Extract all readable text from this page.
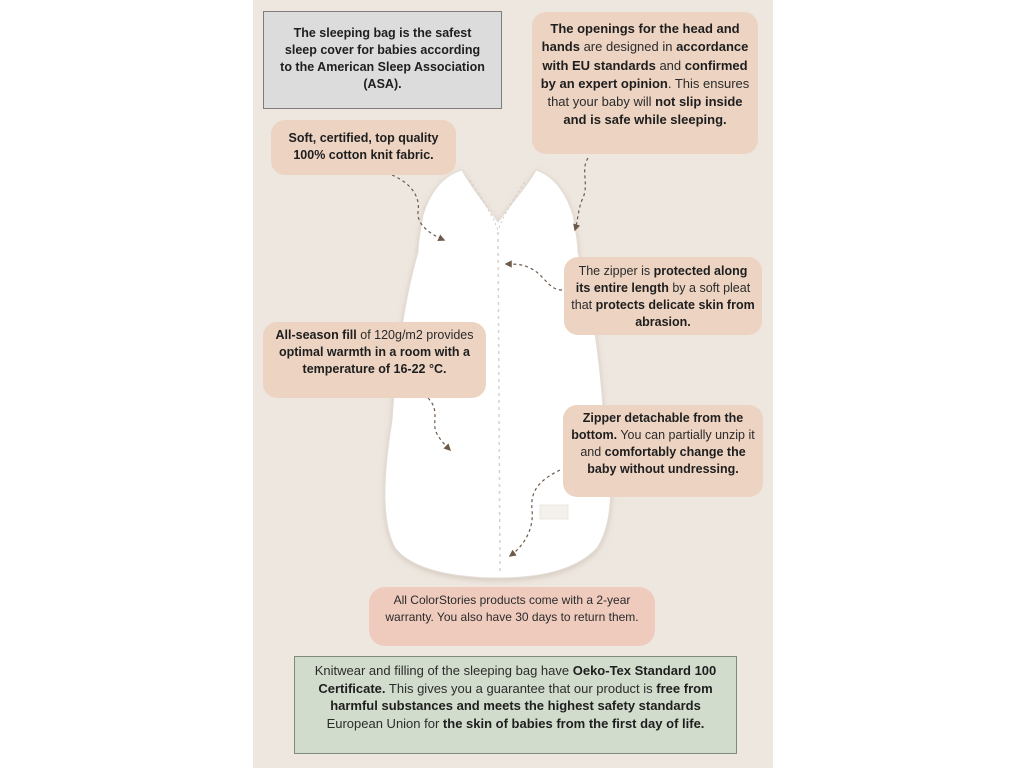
The sleeping bag is the safest sleep cover for babies according to the American Sleep Association (ASA).
The openings for the head and hands are designed in accordance with EU standards and confirmed by an expert opinion. This ensures that your baby will not slip inside and is safe while sleeping.
Soft, certified, top quality 100% cotton knit fabric.
The zipper is protected along its entire length by a soft pleat that protects delicate skin from abrasion.
All-season fill of 120g/m2 provides optimal warmth in a room with a temperature of 16-22 °C.
Zipper detachable from the bottom. You can partially unzip it and comfortably change the baby without undressing.
All ColorStories products come with a 2-year warranty. You also have 30 days to return them.
Knitwear and filling of the sleeping bag have Oeko-Tex Standard 100 Certificate. This gives you a guarantee that our product is free from harmful substances and meets the highest safety standards European Union for the skin of babies from the first day of life.
